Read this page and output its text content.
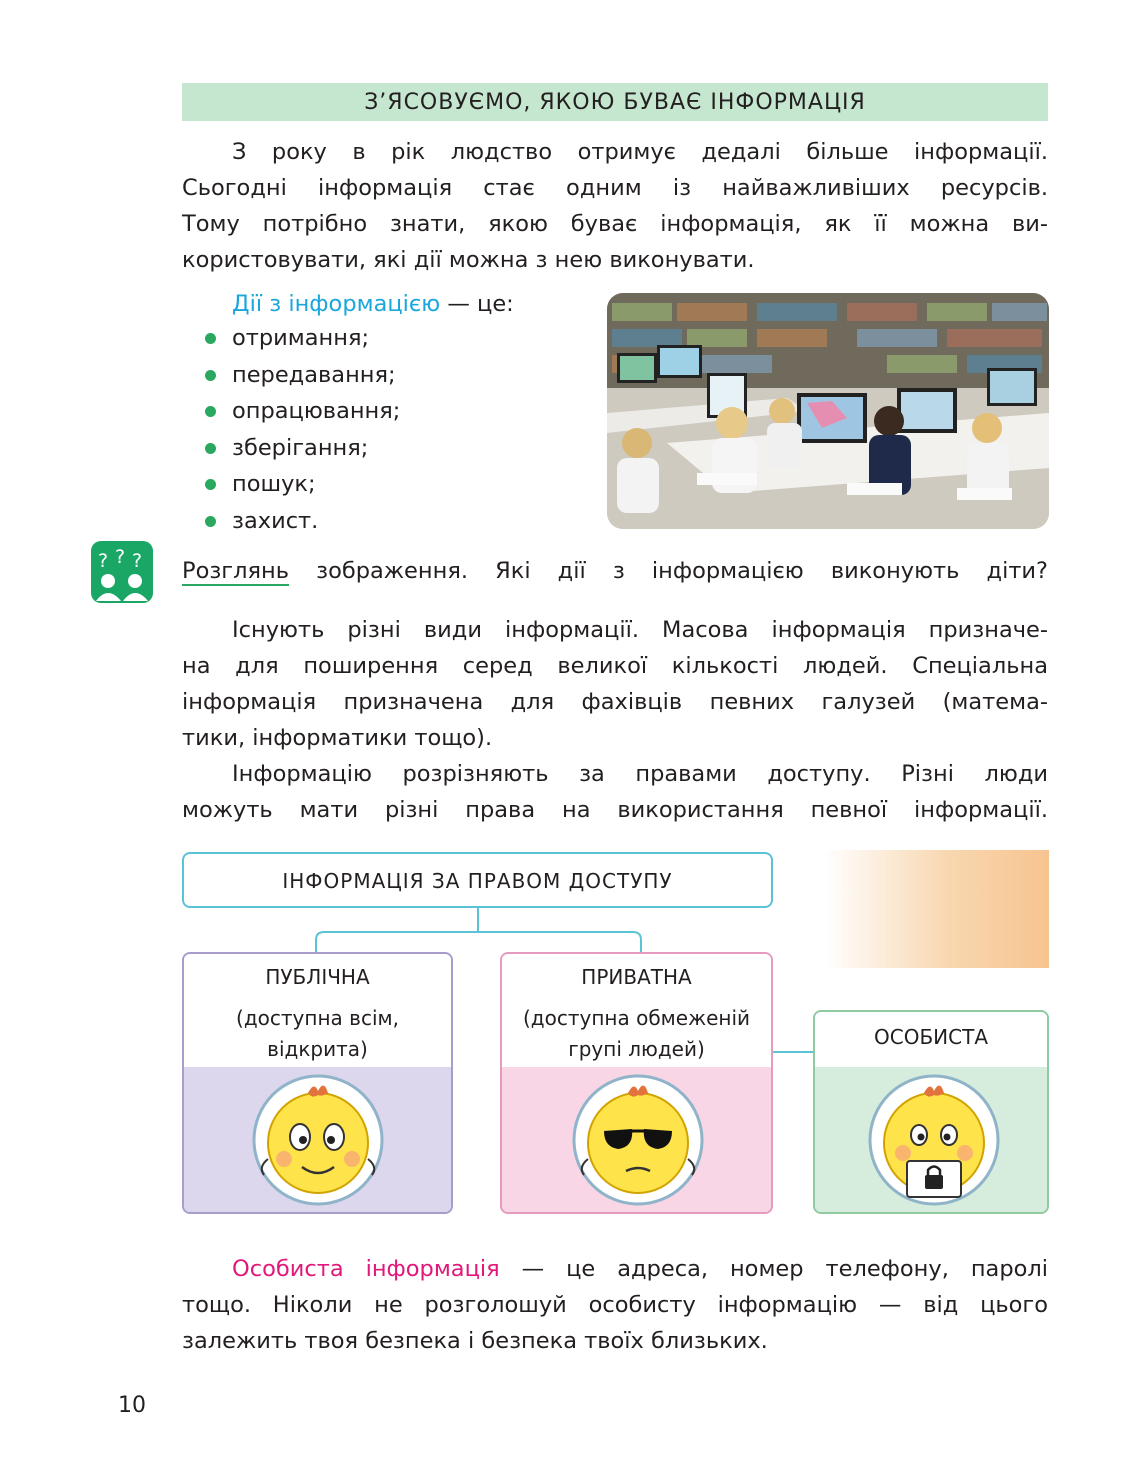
З’ЯСОВУЄМО, ЯКОЮ БУВАЄ ІНФОРМАЦІЯ
З року в рік людство отримує дедалі більше інформації.
Сьогодні інформація стає одним із найважливіших ресурсів.
Тому потрібно знати, якою буває інформація, як її можна ви-
користовувати, які дії можна з нею виконувати.
Дії з інформацією — це:
отримання;
передавання;
опрацювання;
зберігання;
пошук;
захист.
? ? ? Розглянь зображення. Які дії з інформацією виконують діти?
Існують різні види інформації. Масова інформація призначе-
на для поширення серед великої кількості людей. Спеціальна
інформація призначена для фахівців певних галузей (матема-
тики, інформатики тощо).
Інформацію розрізняють за правами доступу. Різні люди
можуть мати різні права на використання певної інформації.
ІНФОРМАЦІЯ ЗА ПРАВОМ ДОСТУПУ
ПУБЛІЧНА
(доступна всім,
відкрита)
ПРИВАТНА
(доступна обмеженій
групі людей)	ОСОБИСТА
Особиста інформація — це адреса, номер телефону, паролі
тощо. Ніколи не розголошуй особисту інформацію — від цього
залежить твоя безпека і безпека твоїх близьких.
10
